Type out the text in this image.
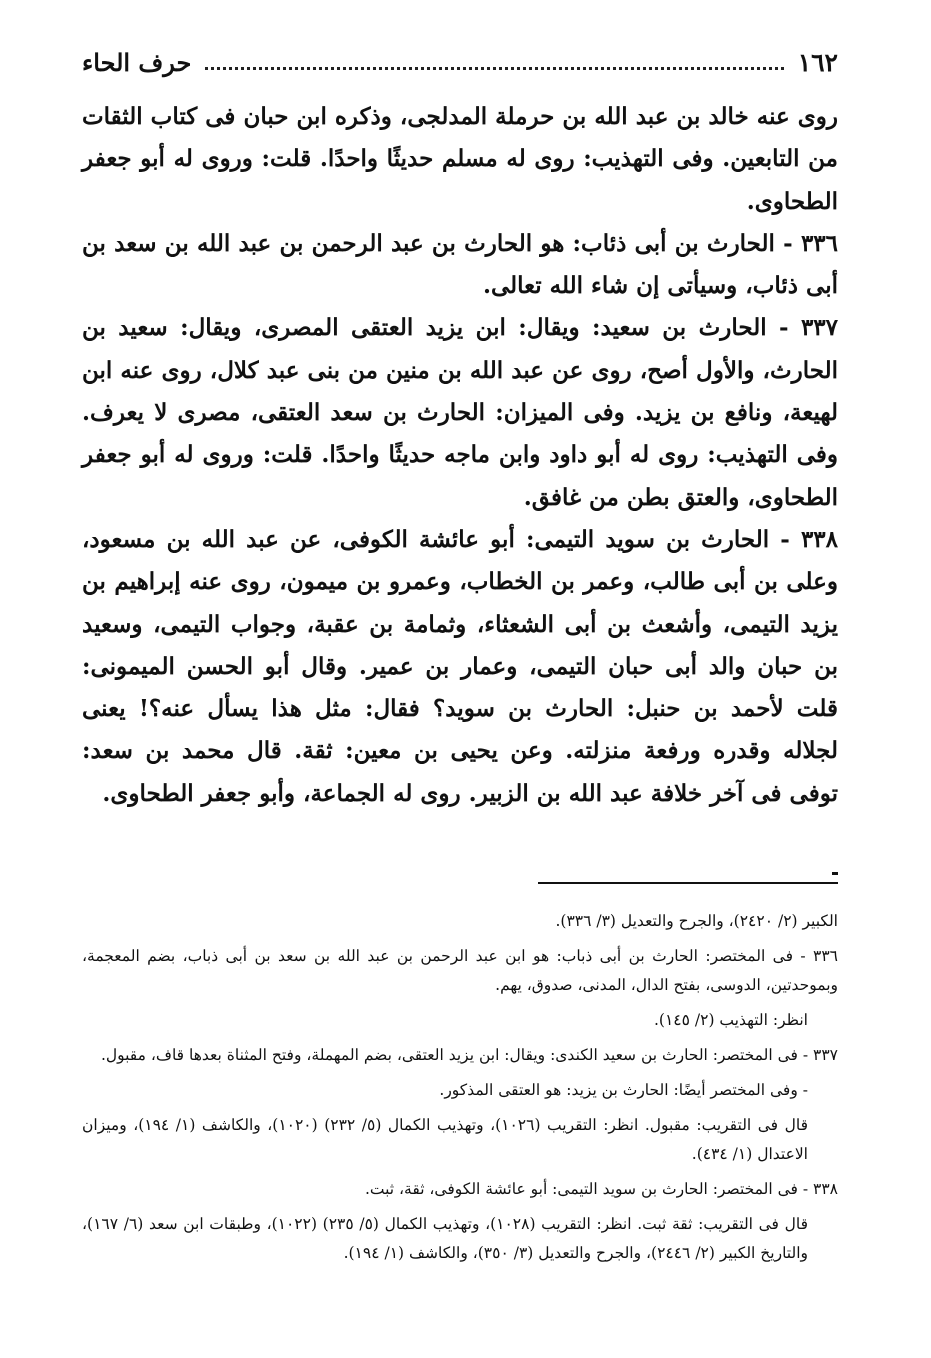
١٦٢
حرف الحاء

روى عنه خالد بن عبد الله بن حرملة المدلجى، وذكره ابن حبان فى كتاب الثقات من التابعين. وفى التهذيب: روى له مسلم حديثًا واحدًا. قلت: وروى له أبو جعفر الطحاوى.

٣٣٦ - الحارث بن أبى ذئاب: هو الحارث بن عبد الرحمن بن عبد الله بن سعد بن أبى ذئاب، وسيأتى إن شاء الله تعالى.

٣٣٧ - الحارث بن سعيد: ويقال: ابن يزيد العتقى المصرى، ويقال: سعيد بن الحارث، والأول أصح، روى عن عبد الله بن منين من بنى عبد كلال، روى عنه ابن لهيعة، ونافع بن يزيد. وفى الميزان: الحارث بن سعد العتقى، مصرى لا يعرف. وفى التهذيب: روى له أبو داود وابن ماجه حديثًا واحدًا. قلت: وروى له أبو جعفر الطحاوى، والعتق بطن من غافق.

٣٣٨ - الحارث بن سويد التيمى: أبو عائشة الكوفى، عن عبد الله بن مسعود، وعلى بن أبى طالب، وعمر بن الخطاب، وعمرو بن ميمون، روى عنه إبراهيم بن يزيد التيمى، وأشعث بن أبى الشعثاء، وثمامة بن عقبة، وجواب التيمى، وسعيد بن حبان والد أبى حبان التيمى، وعمار بن عمير. وقال أبو الحسن الميمونى: قلت لأحمد بن حنبل: الحارث بن سويد؟ فقال: مثل هذا يسأل عنه؟! يعنى لجلاله وقدره ورفعة منزلته. وعن يحيى بن معين: ثقة. قال محمد بن سعد: توفى فى آخر خلافة عبد الله بن الزبير. روى له الجماعة، وأبو جعفر الطحاوى.

الكبير (٢/ ٢٤٢٠)، والجرح والتعديل (٣/ ٣٣٦).

٣٣٦ - فى المختصر: الحارث بن أبى ذباب: هو ابن عبد الرحمن بن عبد الله بن سعد بن أبى ذباب، بضم المعجمة، وبموحدتين، الدوسى، بفتح الدال، المدنى، صدوق، يهم.

انظر: التهذيب (٢/ ١٤٥).

٣٣٧ - فى المختصر: الحارث بن سعيد الكندى: ويقال: ابن يزيد العتقى، بضم المهملة، وفتح المثناة بعدها قاف، مقبول.

- وفى المختصر أيضًا: الحارث بن يزيد: هو العتقى المذكور.

قال فى التقريب: مقبول. انظر: التقريب (١٠٢٦)، وتهذيب الكمال (٥/ ٢٣٢) (١٠٢٠)، والكاشف (١/ ١٩٤)، وميزان الاعتدال (١/ ٤٣٤).

٣٣٨ - فى المختصر: الحارث بن سويد التيمى: أبو عائشة الكوفى، ثقة، ثبت.

قال فى التقريب: ثقة ثبت. انظر: التقريب (١٠٢٨)، وتهذيب الكمال (٥/ ٢٣٥) (١٠٢٢)، وطبقات ابن سعد (٦/ ١٦٧)، والتاريخ الكبير (٢/ ٢٤٤٦)، والجرح والتعديل (٣/ ٣٥٠)، والكاشف (١/ ١٩٤).
